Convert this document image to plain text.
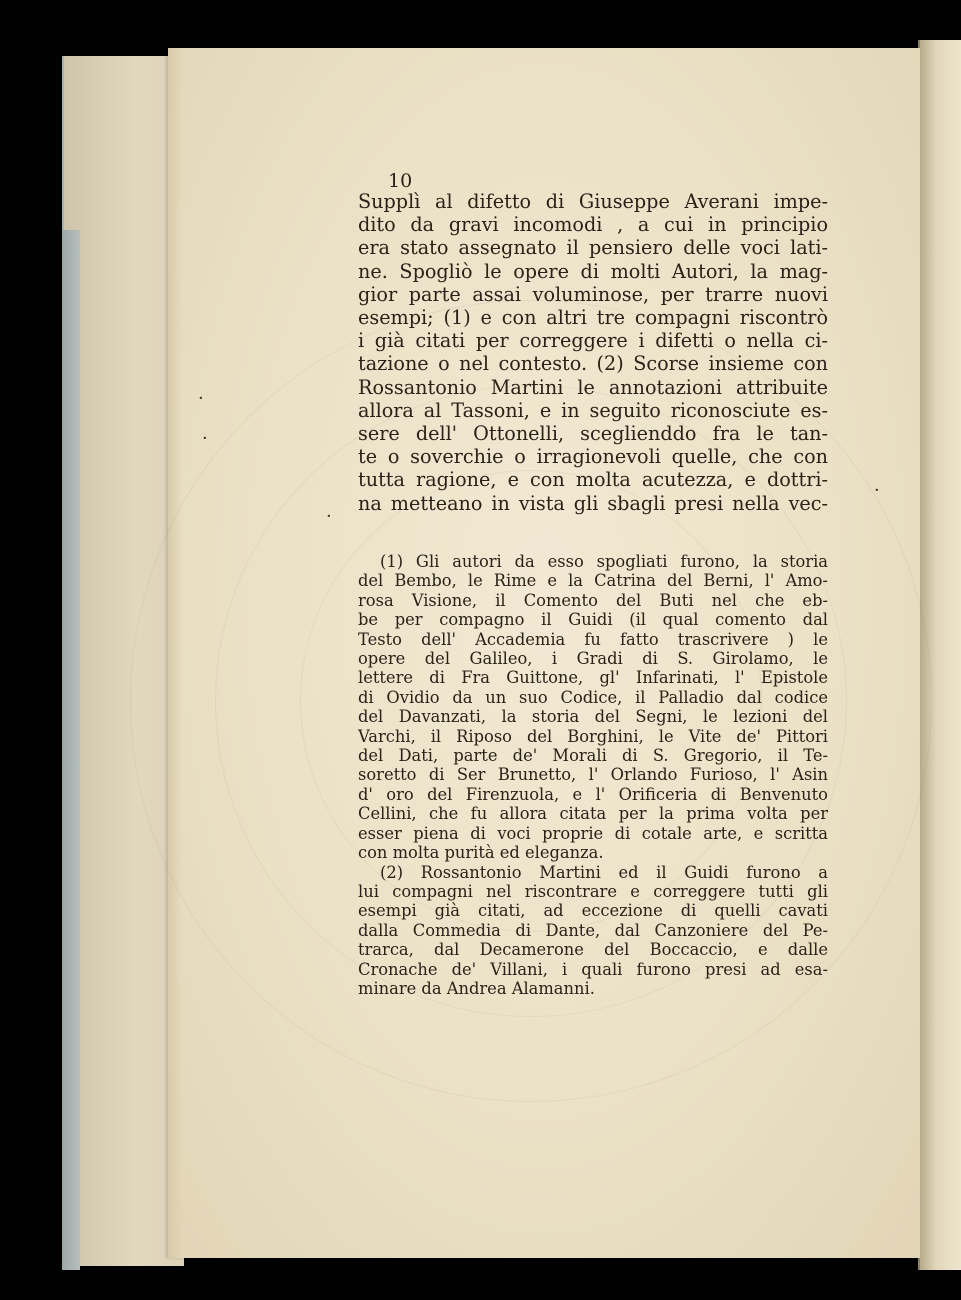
10
Supplì al difetto di Giuseppe Averani impe-
dito da gravi incomodi , a cui in principio
era stato assegnato il pensiero delle voci lati-
ne. Spogliò le opere di molti Autori, la mag-
gior parte assai voluminose, per trarre nuovi
esempi; (1) e con altri tre compagni riscontrò
i già citati per correggere i difetti o nella ci-
tazione o nel contesto. (2) Scorse insieme con
Rossantonio Martini le annotazioni attribuite
allora al Tassoni, e in seguito riconosciute es-
sere dell' Ottonelli, sceglienddo fra le tan-
te o soverchie o irragionevoli quelle, che con
tutta ragione, e con molta acutezza, e dottri-
na metteano in vista gli sbagli presi nella vec-
(1) Gli autori da esso spogliati furono, la storia
del Bembo, le Rime e la Catrina del Berni, l' Amo-
rosa Visione, il Comento del Buti nel che eb-
be per compagno il Guidi (il qual comento dal
Testo dell' Accademia fu fatto trascrivere ) le
opere del Galileo, i Gradi di S. Girolamo, le
lettere di Fra Guittone, gl' Infarinati, l' Epistole
di Ovidio da un suo Codice, il Palladio dal codice
del Davanzati, la storia del Segni, le lezioni del
Varchi, il Riposo del Borghini, le Vite de' Pittori
del Dati, parte de' Morali di S. Gregorio, il Te-
soretto di Ser Brunetto, l' Orlando Furioso, l' Asin
d' oro del Firenzuola, e l' Orificeria di Benvenuto
Cellini, che fu allora citata per la prima volta per
esser piena di voci proprie di cotale arte, e scritta
con molta purità ed eleganza.
(2) Rossantonio Martini ed il Guidi furono a
lui compagni nel riscontrare e correggere tutti gli
esempi già citati, ad eccezione di quelli cavati
dalla Commedia di Dante, dal Canzoniere del Pe-
trarca, dal Decamerone del Boccaccio, e dalle
Cronache de' Villani, i quali furono presi ad esa-
minare da Andrea Alamanni.
·
·
·
·
